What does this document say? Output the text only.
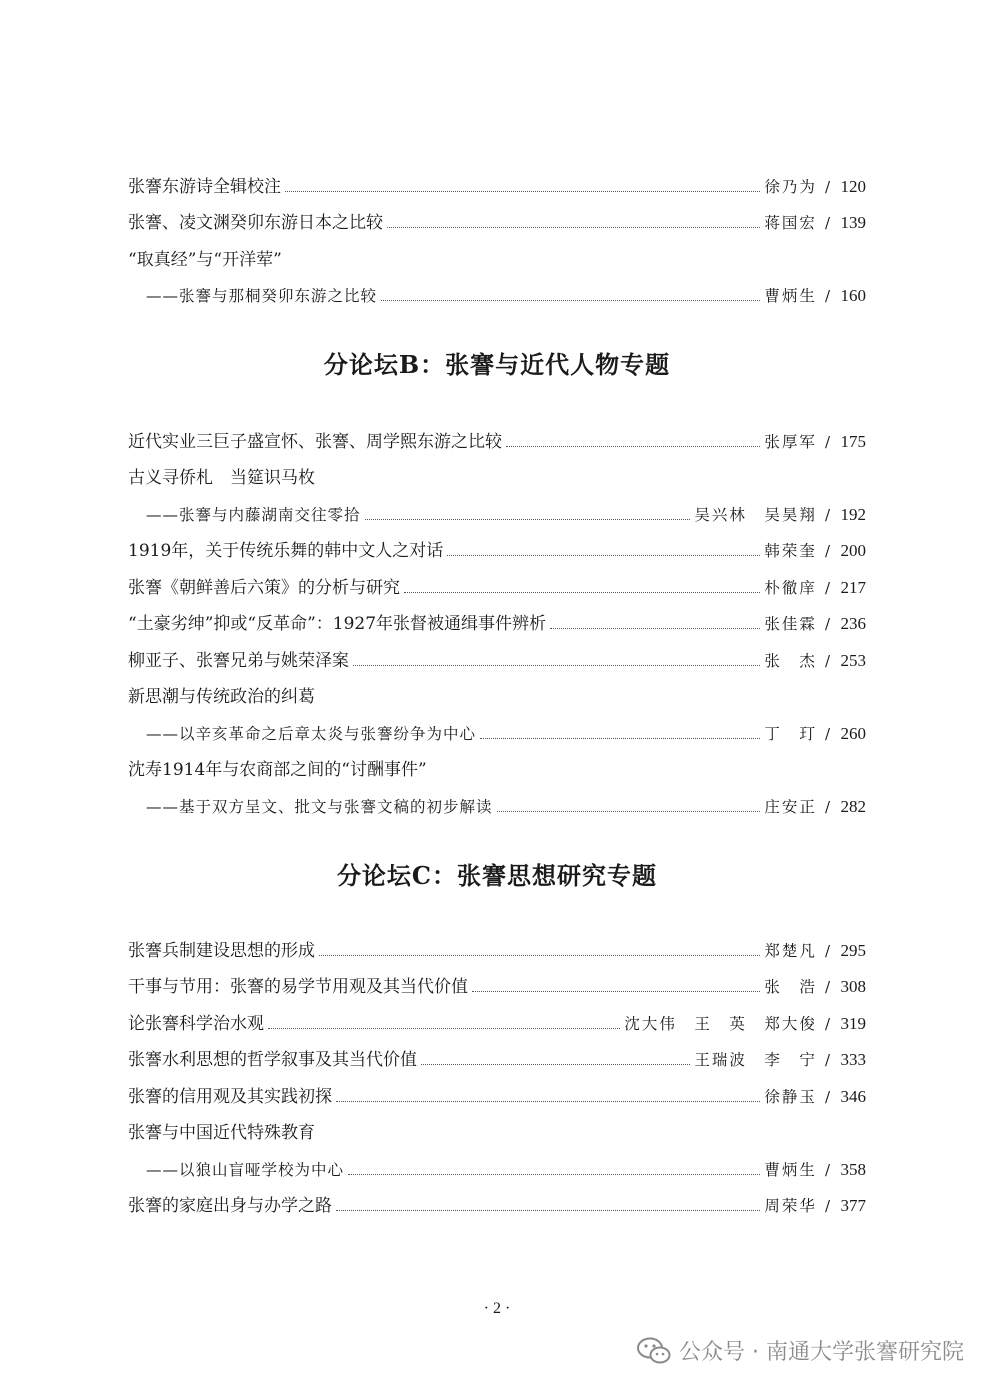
张謇东游诗全辑校注	徐乃为 / 120
张謇、凌文渊癸卯东游日本之比较	蒋国宏 / 139
“取真经”与“开洋荤”
——张謇与那桐癸卯东游之比较	曹炳生 / 160
分论坛B：张謇与近代人物专题
近代实业三巨子盛宣怀、张謇、周学熙东游之比较	张厚军 / 175
古义寻侨札　当筵识马枚
——张謇与内藤湖南交往零拾	吴兴林　吴昊翔 / 192
1919年，关于传统乐舞的韩中文人之对话	韩荣奎 / 200
张謇《朝鲜善后六策》的分析与研究	朴徹庠 / 217
“土豪劣绅”抑或“反革命”：1927年张督被通缉事件辨析	张佳霖 / 236
柳亚子、张謇兄弟与姚荣泽案	张　杰 / 253
新思潮与传统政治的纠葛
——以辛亥革命之后章太炎与张謇纷争为中心	丁　玎 / 260
沈寿1914年与农商部之间的“讨酬事件”
——基于双方呈文、批文与张謇文稿的初步解读	庄安正 / 282
分论坛C：张謇思想研究专题
张謇兵制建设思想的形成	郑楚凡 / 295
干事与节用：张謇的易学节用观及其当代价值	张　浩 / 308
论张謇科学治水观	沈大伟　王　英　郑大俊 / 319
张謇水利思想的哲学叙事及其当代价值	王瑞波　李　宁 / 333
张謇的信用观及其实践初探	徐静玉 / 346
张謇与中国近代特殊教育
——以狼山盲哑学校为中心	曹炳生 / 358
张謇的家庭出身与办学之路	周荣华 / 377
· 2 ·
公众号 · 南通大学张謇研究院
